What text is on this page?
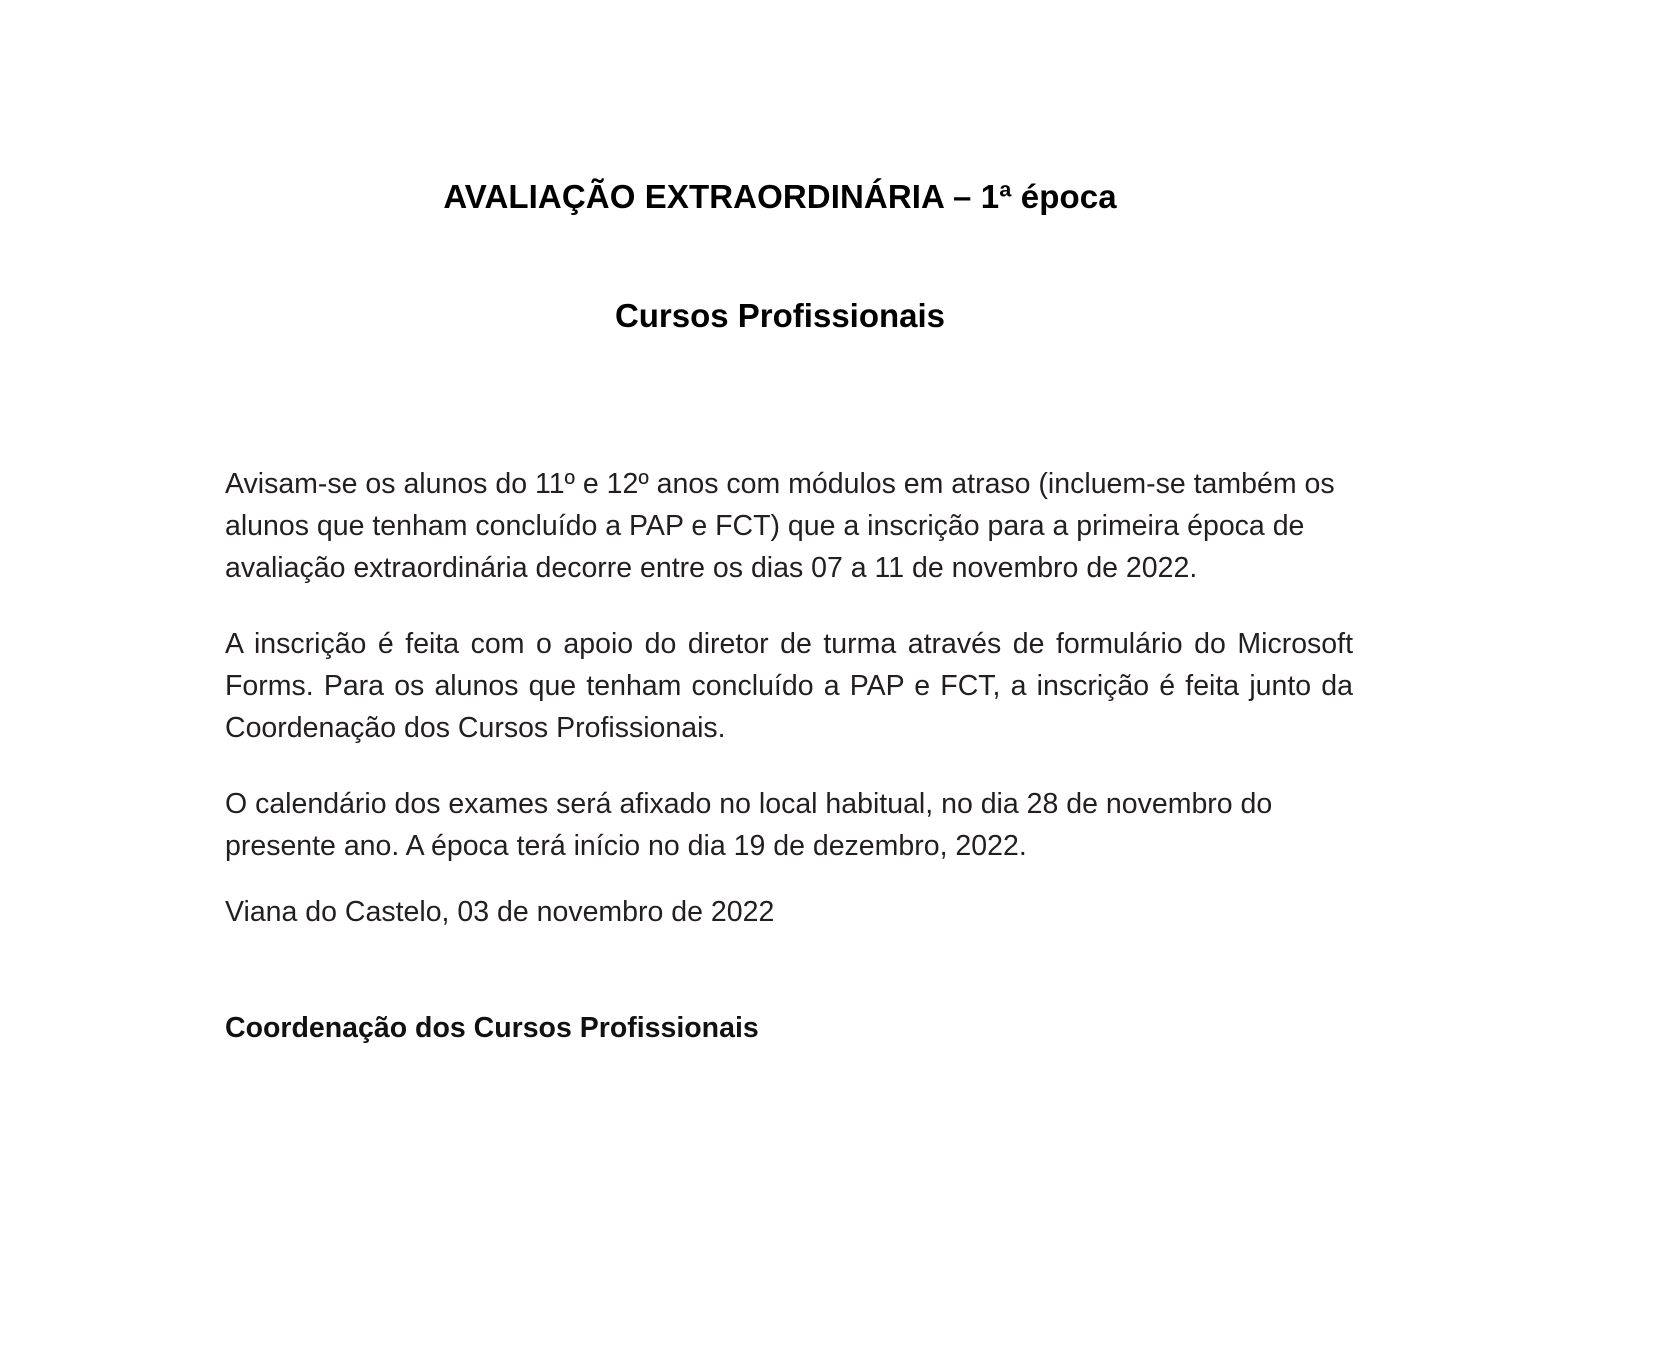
AVALIAÇÃO EXTRAORDINÁRIA – 1ª época
Cursos Profissionais

Avisam-se os alunos do 11º e 12º anos com módulos em atraso (incluem-se também os alunos que tenham concluído a PAP e FCT) que a inscrição para a primeira época de avaliação extraordinária decorre entre os dias 07 a 11 de novembro de 2022.

A inscrição é feita com o apoio do diretor de turma através de formulário do Microsoft Forms. Para os alunos que tenham concluído a PAP e FCT, a inscrição é feita junto da Coordenação dos Cursos Profissionais.

O calendário dos exames será afixado no local habitual, no dia 28 de novembro do presente ano. A época terá início no dia 19 de dezembro, 2022.

Viana do Castelo, 03 de novembro de 2022
Coordenação dos Cursos Profissionais
